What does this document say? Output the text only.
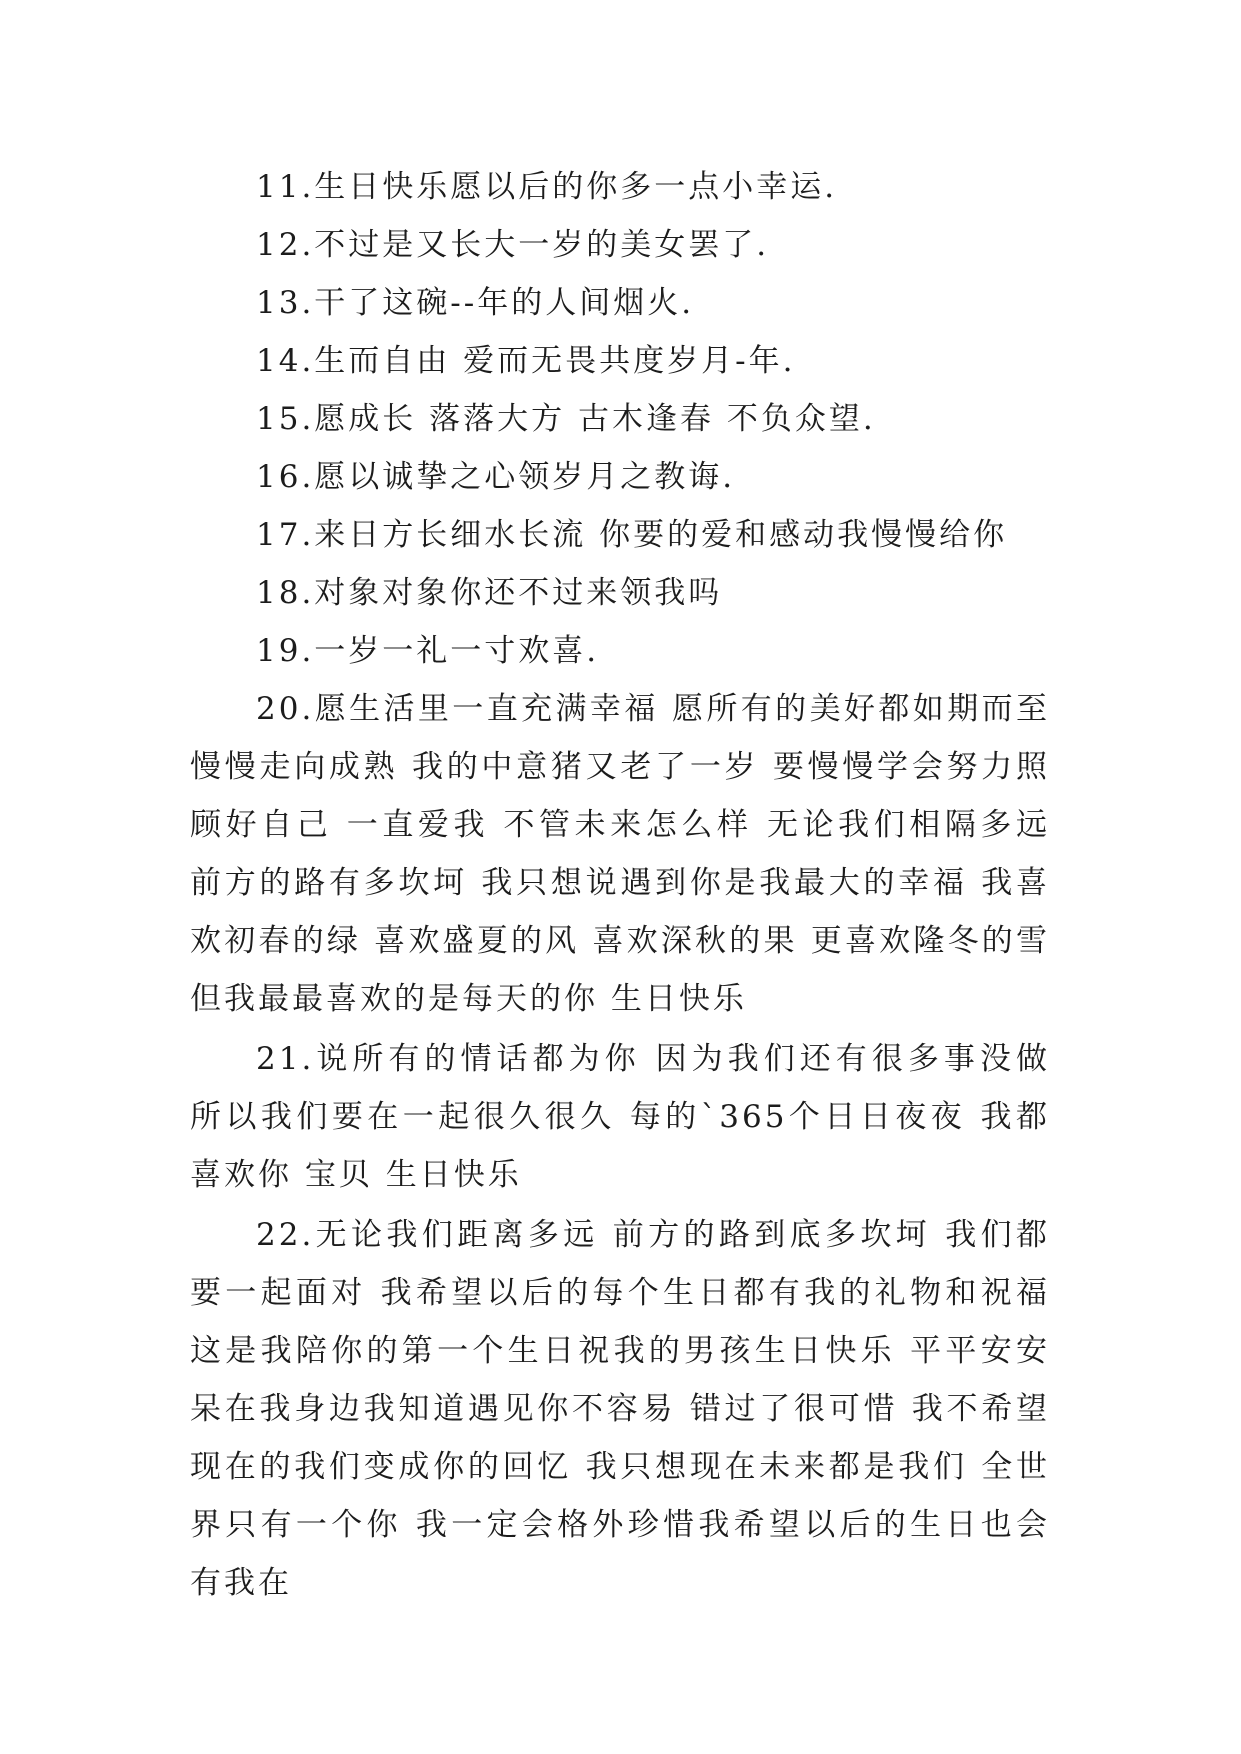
11.生日快乐愿以后的你多一点小幸运.

12.不过是又长大一岁的美女罢了.

13.干了这碗--年的人间烟火.

14.生而自由 爱而无畏共度岁月-年.

15.愿成长 落落大方 古木逢春 不负众望.

16.愿以诚挚之心领岁月之教诲.

17.来日方长细水长流 你要的爱和感动我慢慢给你

18.对象对象你还不过来领我吗

19.一岁一礼一寸欢喜.

20.愿生活里一直充满幸福 愿所有的美好都如期而至 慢慢走向成熟 我的中意猪又老了一岁 要慢慢学会努力照顾好自己 一直爱我 不管未来怎么样 无论我们相隔多远 前方的路有多坎坷 我只想说遇到你是我最大的幸福 我喜欢初春的绿 喜欢盛夏的风 喜欢深秋的果 更喜欢隆冬的雪 但我最最喜欢的是每天的你 生日快乐

21.说所有的情话都为你 因为我们还有很多事没做 所以我们要在一起很久很久 每的`365个日日夜夜 我都喜欢你 宝贝 生日快乐

22.无论我们距离多远 前方的路到底多坎坷 我们都要一起面对 我希望以后的每个生日都有我的礼物和祝福 这是我陪你的第一个生日祝我的男孩生日快乐 平平安安呆在我身边我知道遇见你不容易 错过了很可惜 我不希望现在的我们变成你的回忆 我只想现在未来都是我们 全世界只有一个你 我一定会格外珍惜我希望以后的生日也会有我在
